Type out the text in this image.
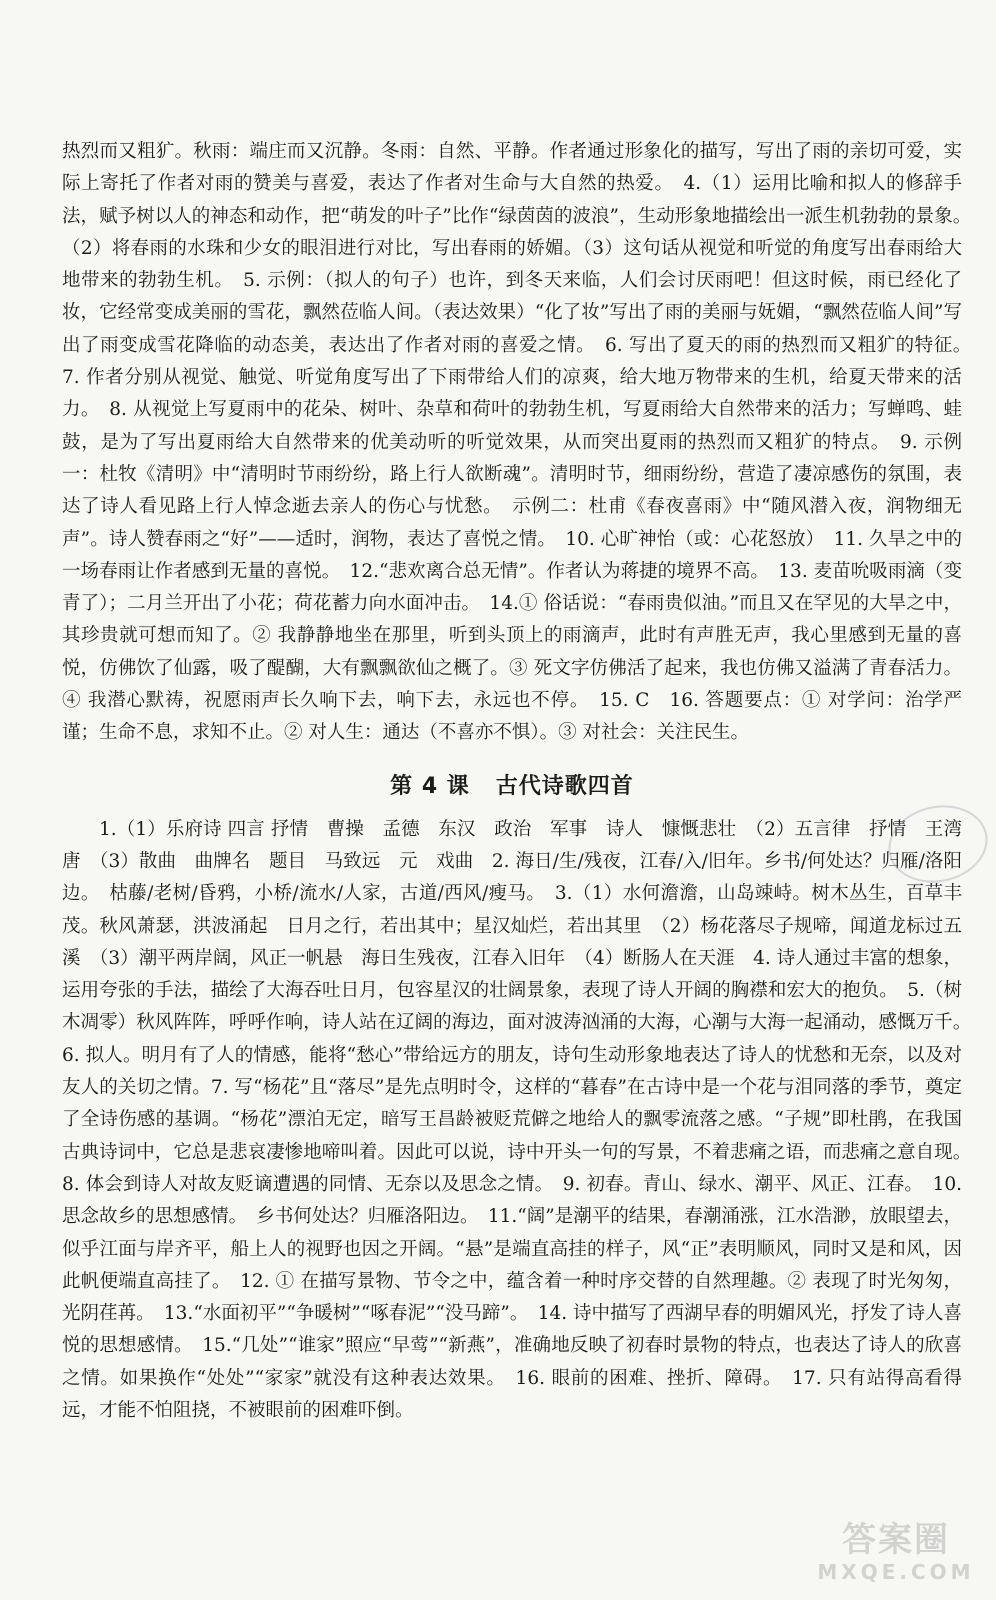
热烈而又粗犷。秋雨：端庄而又沉静。冬雨：自然、平静。作者通过形象化的描写，写出了雨的亲切可爱，实际上寄托了作者对雨的赞美与喜爱，表达了作者对生命与大自然的热爱。　4.（1）运用比喻和拟人的修辞手法，赋予树以人的神态和动作，把“萌发的叶子”比作“绿茵茵的波浪”，生动形象地描绘出一派生机勃勃的景象。　（2）将春雨的水珠和少女的眼泪进行对比，写出春雨的娇媚。（3）这句话从视觉和听觉的角度写出春雨给大地带来的勃勃生机。　5. 示例：（拟人的句子）也许，到冬天来临，人们会讨厌雨吧！但这时候，雨已经化了妆，它经常变成美丽的雪花，飘然莅临人间。（表达效果）“化了妆”写出了雨的美丽与妩媚，“飘然莅临人间”写出了雨变成雪花降临的动态美，表达出了作者对雨的喜爱之情。　6. 写出了夏天的雨的热烈而又粗犷的特征。　7. 作者分别从视觉、触觉、听觉角度写出了下雨带给人们的凉爽，给大地万物带来的生机，给夏天带来的活力。　8. 从视觉上写夏雨中的花朵、树叶、杂草和荷叶的勃勃生机，写夏雨给大自然带来的活力；写蝉鸣、蛙鼓，是为了写出夏雨给大自然带来的优美动听的听觉效果，从而突出夏雨的热烈而又粗犷的特点。　9. 示例一：杜牧《清明》中“清明时节雨纷纷，路上行人欲断魂”。清明时节，细雨纷纷，营造了凄凉感伤的氛围，表达了诗人看见路上行人悼念逝去亲人的伤心与忧愁。　示例二：杜甫《春夜喜雨》中“随风潜入夜，润物细无声”。诗人赞春雨之“好”——适时，润物，表达了喜悦之情。　10. 心旷神怡（或：心花怒放）　11. 久旱之中的一场春雨让作者感到无量的喜悦。　12.“悲欢离合总无情”。作者认为蒋捷的境界不高。　13. 麦苗吮吸雨滴（变青了）；二月兰开出了小花；荷花蓄力向水面冲击。　14.① 俗话说：“春雨贵似油。”而且又在罕见的大旱之中，其珍贵就可想而知了。② 我静静地坐在那里，听到头顶上的雨滴声，此时有声胜无声，我心里感到无量的喜悦，仿佛饮了仙露，吸了醍醐，大有飘飘欲仙之概了。③ 死文字仿佛活了起来，我也仿佛又溢满了青春活力。④ 我潜心默祷，祝愿雨声长久响下去，响下去，永远也不停。　15. C　16. 答题要点：① 对学问：治学严谨；生命不息，求知不止。② 对人生：通达（不喜亦不惧）。③ 对社会：关注民生。

第 4 课 古代诗歌四首

1.（1）乐府诗 四言 抒情　曹操　孟德　东汉　政治　军事　诗人　慷慨悲壮　（2）五言律　抒情　王湾　唐　（3）散曲　曲牌名　题目　马致远　元　戏曲　2. 海日/生/残夜，江春/入/旧年。乡书/何处达？归雁/洛阳边。　枯藤/老树/昏鸦，小桥/流水/人家，古道/西风/瘦马。　3.（1）水何澹澹，山岛竦峙。树木丛生，百草丰茂。秋风萧瑟，洪波涌起　日月之行，若出其中；星汉灿烂，若出其里　（2）杨花落尽子规啼，闻道龙标过五溪　（3）潮平两岸阔，风正一帆悬　海日生残夜，江春入旧年　（4）断肠人在天涯　4. 诗人通过丰富的想象，运用夸张的手法，描绘了大海吞吐日月，包容星汉的壮阔景象，表现了诗人开阔的胸襟和宏大的抱负。　5.（树木凋零）秋风阵阵，呼呼作响，诗人站在辽阔的海边，面对波涛汹涌的大海，心潮与大海一起涌动，感慨万千。　6. 拟人。明月有了人的情感，能将“愁心”带给远方的朋友，诗句生动形象地表达了诗人的忧愁和无奈，以及对友人的关切之情。7. 写“杨花”且“落尽”是先点明时令，这样的“暮春”在古诗中是一个花与泪同落的季节，奠定了全诗伤感的基调。“杨花”漂泊无定，暗写王昌龄被贬荒僻之地给人的飘零流落之感。“子规”即杜鹃，在我国古典诗词中，它总是悲哀凄惨地啼叫着。因此可以说，诗中开头一句的写景，不着悲痛之语，而悲痛之意自现。　8. 体会到诗人对故友贬谪遭遇的同情、无奈以及思念之情。　9. 初春。青山、绿水、潮平、风正、江春。　10. 思念故乡的思想感情。　乡书何处达？归雁洛阳边。　11.“阔”是潮平的结果，春潮涌涨，江水浩渺，放眼望去，似乎江面与岸齐平，船上人的视野也因之开阔。“悬”是端直高挂的样子，风“正”表明顺风，同时又是和风，因此帆便端直高挂了。　12. ① 在描写景物、节令之中，蕴含着一种时序交替的自然理趣。② 表现了时光匆匆，光阴荏苒。　13.“水面初平”“争暖树”“啄春泥”“没马蹄”。　14. 诗中描写了西湖早春的明媚风光，抒发了诗人喜悦的思想感情。　15.“几处”“谁家”照应“早莺”“新燕”，准确地反映了初春时景物的特点，也表达了诗人的欣喜之情。如果换作“处处”“家家”就没有这种表达效果。　16. 眼前的困难、挫折、障碍。　17. 只有站得高看得远，才能不怕阻挠，不被眼前的困难吓倒。

答案圈
MXQE.COM
